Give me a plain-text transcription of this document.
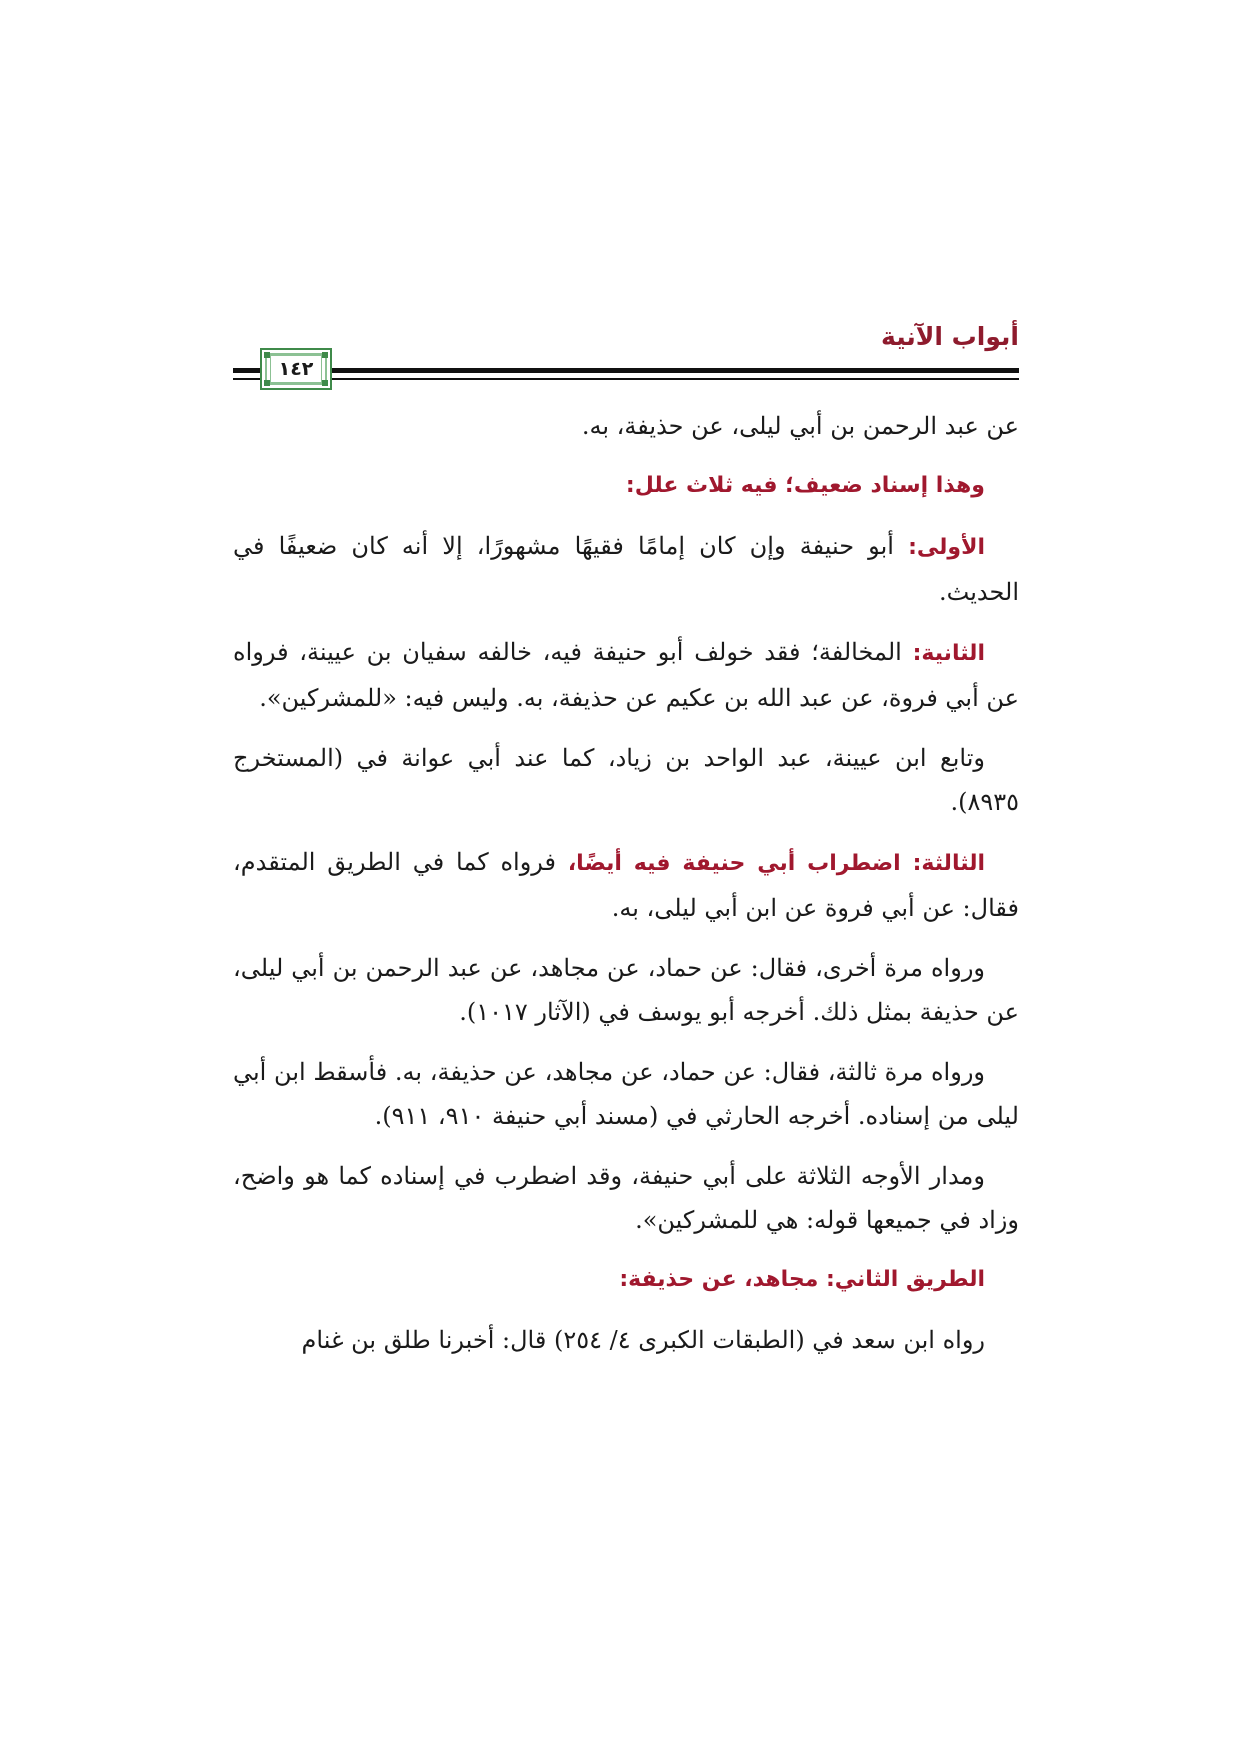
أبواب الآنية
١٤٢

عن عبد الرحمن بن أبي ليلى، عن حذيفة، به.

وهذا إسناد ضعيف؛ فيه ثلاث علل:

الأولى: أبو حنيفة وإن كان إمامًا فقيهًا مشهورًا، إلا أنه كان ضعيفًا في الحديث.

الثانية: المخالفة؛ فقد خولف أبو حنيفة فيه، خالفه سفيان بن عيينة، فرواه عن أبي فروة، عن عبد الله بن عكيم عن حذيفة، به. وليس فيه: «للمشركين».

وتابع ابن عيينة، عبد الواحد بن زياد، كما عند أبي عوانة في (المستخرج ٨٩٣٥).

الثالثة: اضطراب أبي حنيفة فيه أيضًا، فرواه كما في الطريق المتقدم، فقال: عن أبي فروة عن ابن أبي ليلى، به.

ورواه مرة أخرى، فقال: عن حماد، عن مجاهد، عن عبد الرحمن بن أبي ليلى، عن حذيفة بمثل ذلك. أخرجه أبو يوسف في (الآثار ١٠١٧).

ورواه مرة ثالثة، فقال: عن حماد، عن مجاهد، عن حذيفة، به. فأسقط ابن أبي ليلى من إسناده. أخرجه الحارثي في (مسند أبي حنيفة ٩١٠، ٩١١).

ومدار الأوجه الثلاثة على أبي حنيفة، وقد اضطرب في إسناده كما هو واضح، وزاد في جميعها قوله: هي للمشركين».

الطريق الثاني: مجاهد، عن حذيفة:

رواه ابن سعد في (الطبقات الكبرى ٤/ ٢٥٤) قال: أخبرنا طلق بن غنام
